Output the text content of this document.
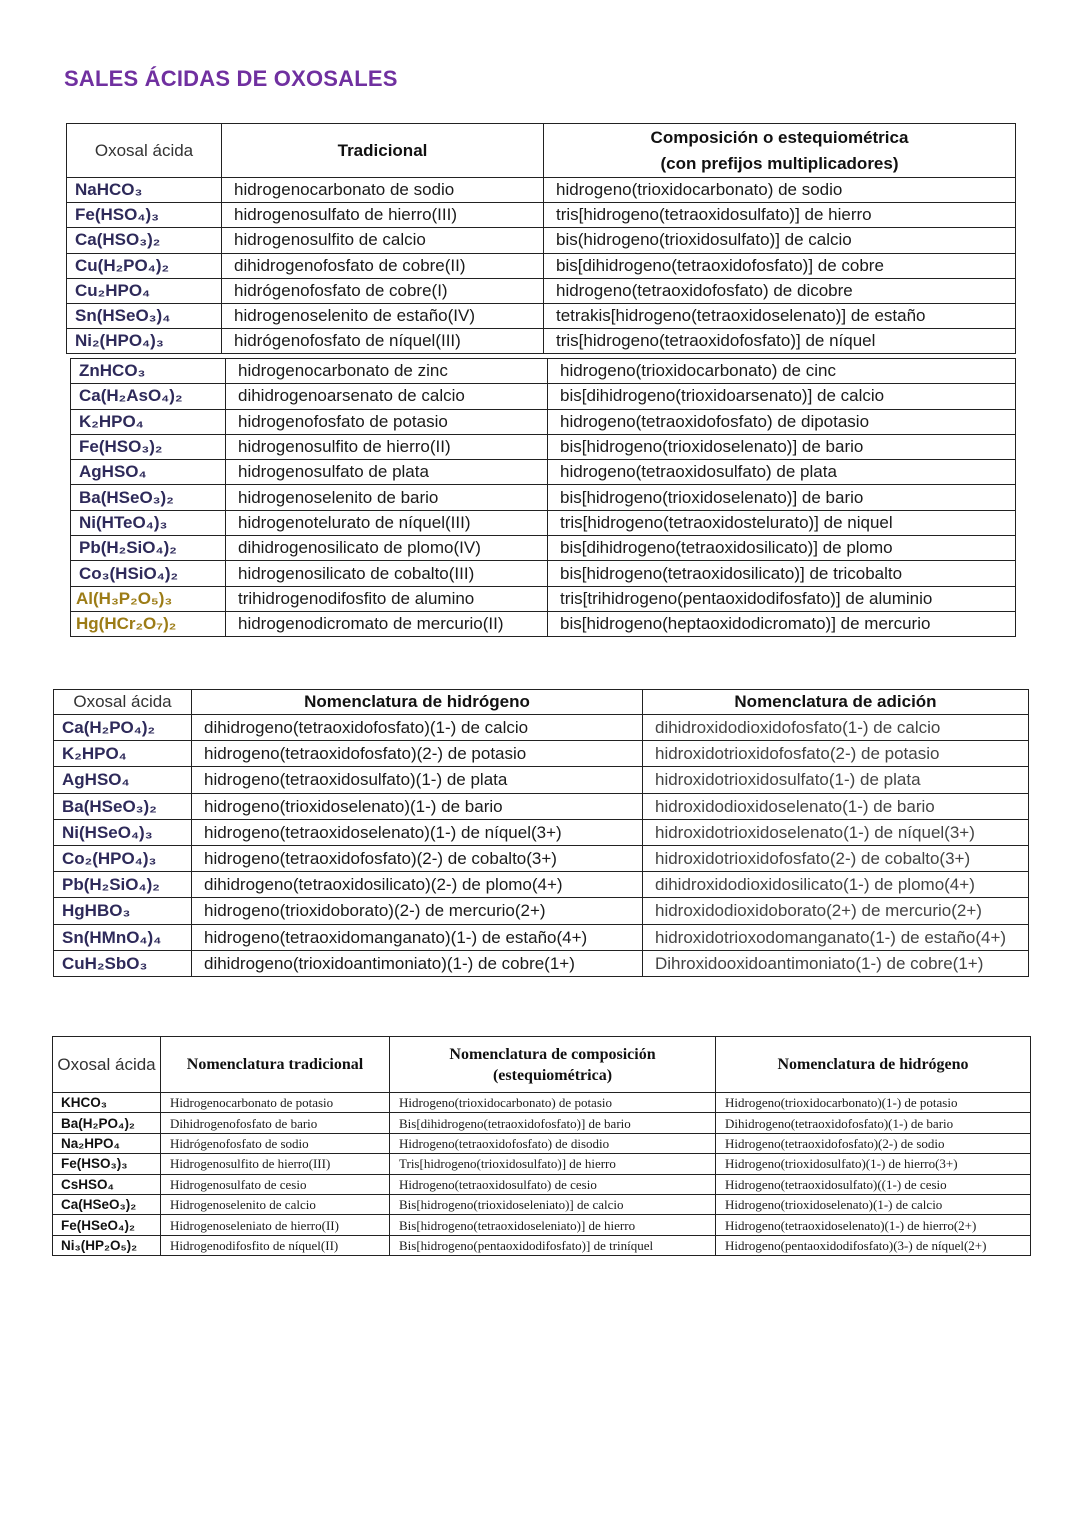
SALES ÁCIDAS DE OXOSALES
Oxosal ácida	Tradicional	Composición o estequiométrica
(con prefijos multiplicadores)
NaHCO₃	hidrogenocarbonato de sodio	hidrogeno(trioxidocarbonato) de sodio
Fe(HSO₄)₃	hidrogenosulfato de hierro(III)	tris[hidrogeno(tetraoxidosulfato)] de hierro
Ca(HSO₃)₂	hidrogenosulfito de calcio	bis(hidrogeno(trioxidosulfato)] de calcio
Cu(H₂PO₄)₂	dihidrogenofosfato de cobre(II)	bis[dihidrogeno(tetraoxidofosfato)] de cobre
Cu₂HPO₄	hidrógenofosfato de cobre(I)	hidrogeno(tetraoxidofosfato) de dicobre
Sn(HSeO₃)₄	hidrogenoselenito de estaño(IV)	tetrakis[hidrogeno(tetraoxidoselenato)] de estaño
Ni₂(HPO₄)₃	hidrógenofosfato de níquel(III)	tris[hidrogeno(tetraoxidofosfato)] de níquel
ZnHCO₃	hidrogenocarbonato de zinc	hidrogeno(trioxidocarbonato) de cinc
Ca(H₂AsO₄)₂	dihidrogenoarsenato de calcio	bis[dihidrogeno(trioxidoarsenato)] de calcio
K₂HPO₄	hidrogenofosfato de potasio	hidrogeno(tetraoxidofosfato) de dipotasio
Fe(HSO₃)₂	hidrogenosulfito de hierro(II)	bis[hidrogeno(trioxidoselenato)] de bario
AgHSO₄	hidrogenosulfato de plata	hidrogeno(tetraoxidosulfato) de plata
Ba(HSeO₃)₂	hidrogenoselenito de bario	bis[hidrogeno(trioxidoselenato)] de bario
Ni(HTeO₄)₃	hidrogenotelurato de níquel(III)	tris[hidrogeno(tetraoxidostelurato)] de niquel
Pb(H₂SiO₄)₂	dihidrogenosilicato de plomo(IV)	bis[dihidrogeno(tetraoxidosilicato)] de plomo
Co₃(HSiO₄)₂	hidrogenosilicato de cobalto(III)	bis[hidrogeno(tetraoxidosilicato)] de tricobalto
Al(H₃P₂O₅)₃	trihidrogenodifosfito de alumino	tris[trihidrogeno(pentaoxidodifosfato)] de aluminio
Hg(HCr₂O₇)₂	hidrogenodicromato de mercurio(II)	bis[hidrogeno(heptaoxidodicromato)] de mercurio
Oxosal ácida	Nomenclatura de hidrógeno	Nomenclatura de adición
Ca(H₂PO₄)₂	dihidrogeno(tetraoxidofosfato)(1-) de calcio	dihidroxidodioxidofosfato(1-) de calcio
K₂HPO₄	hidrogeno(tetraoxidofosfato)(2-) de potasio	hidroxidotrioxidofosfato(2-) de potasio
AgHSO₄	hidrogeno(tetraoxidosulfato)(1-) de plata	hidroxidotrioxidosulfato(1-) de plata
Ba(HSeO₃)₂	hidrogeno(trioxidoselenato)(1-) de bario	hidroxidodioxidoselenato(1-) de bario
Ni(HSeO₄)₃	hidrogeno(tetraoxidoselenato)(1-) de níquel(3+)	hidroxidotrioxidoselenato(1-) de níquel(3+)
Co₂(HPO₄)₃	hidrogeno(tetraoxidofosfato)(2-) de cobalto(3+)	hidroxidotrioxidofosfato(2-) de cobalto(3+)
Pb(H₂SiO₄)₂	dihidrogeno(tetraoxidosilicato)(2-) de plomo(4+)	dihidroxidodioxidosilicato(1-) de plomo(4+)
HgHBO₃	hidrogeno(trioxidoborato)(2-) de mercurio(2+)	hidroxidodioxidoborato(2+) de mercurio(2+)
Sn(HMnO₄)₄	hidrogeno(tetraoxidomanganato)(1-) de estaño(4+)	hidroxidotrioxodomanganato(1-) de estaño(4+)
CuH₂SbO₃	dihidrogeno(trioxidoantimoniato)(1-) de cobre(1+)	Dihroxidooxidoantimoniato(1-) de cobre(1+)
Oxosal ácida	Nomenclatura tradicional	Nomenclatura de composición (estequiométrica)	Nomenclatura de hidrógeno
KHCO₃	Hidrogenocarbonato de potasio	Hidrogeno(trioxidocarbonato) de potasio	Hidrogeno(trioxidocarbonato)(1-) de potasio
Ba(H₂PO₄)₂	Dihidrogenofosfato de bario	Bis[dihidrogeno(tetraoxidofosfato)] de bario	Dihidrogeno(tetraoxidofosfato)(1-) de bario
Na₂HPO₄	Hidrógenofosfato de sodio	Hidrogeno(tetraoxidofosfato) de disodio	Hidrogeno(tetraoxidofosfato)(2-) de sodio
Fe(HSO₃)₃	Hidrogenosulfito de hierro(III)	Tris[hidrogeno(trioxidosulfato)] de hierro	Hidrogeno(trioxidosulfato)(1-) de hierro(3+)
CsHSO₄	Hidrogenosulfato de cesio	Hidrogeno(tetraoxidosulfato) de cesio	Hidrogeno(tetraoxidosulfato)((1-) de cesio
Ca(HSeO₃)₂	Hidrogenoselenito de calcio	Bis[hidrogeno(trioxidoseleniato)] de calcio	Hidrogeno(trioxidoselenato)(1-) de calcio
Fe(HSeO₄)₂	Hidrogenoseleniato de hierro(II)	Bis[hidrogeno(tetraoxidoseleniato)] de hierro	Hidrogeno(tetraoxidoselenato)(1-) de hierro(2+)
Ni₃(HP₂O₅)₂	Hidrogenodifosfito de níquel(II)	Bis[hidrogeno(pentaoxidodifosfato)] de triníquel	Hidrogeno(pentaoxidodifosfato)(3-) de níquel(2+)
